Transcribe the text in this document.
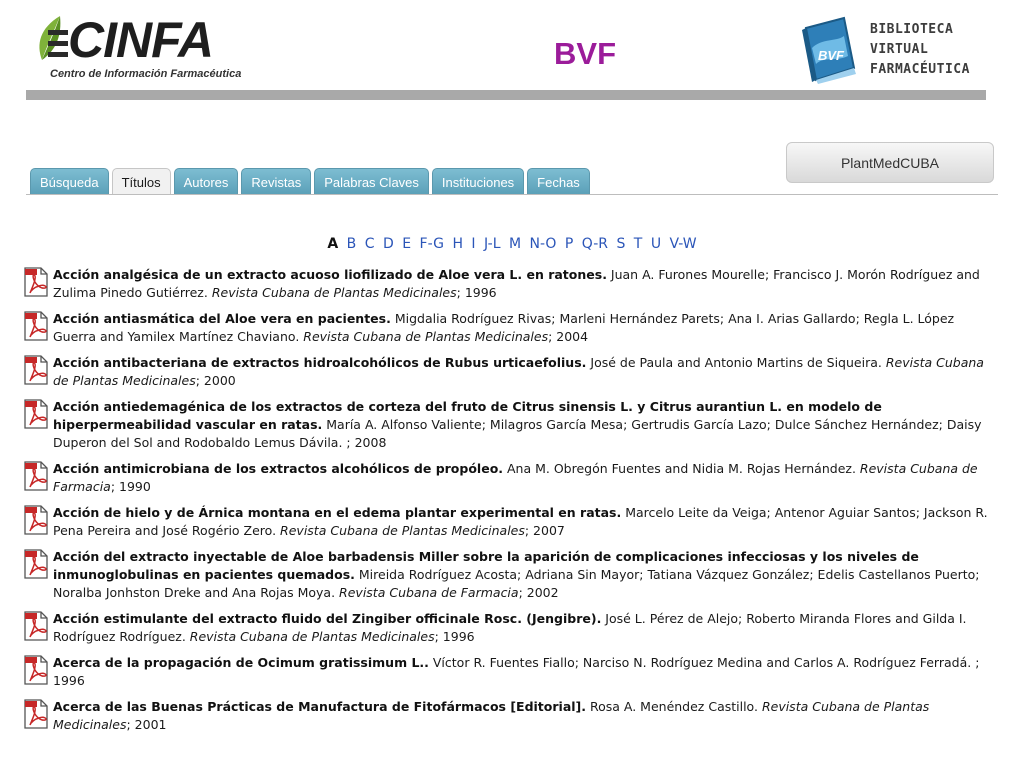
CINFA
Centro de Información Farmacéutica
BVF	BVF
BIBLIOTECA
VIRTUAL
FARMACÉUTICA
PlantMedCUBA
Búsqueda	Títulos	Autores	Revistas	Palabras Claves	Instituciones	Fechas
A B C D E F-G H I J-L M N-O P Q-R S T U V-W
Acción analgésica de un extracto acuoso liofilizado de Aloe vera L. en ratones. Juan A. Furones Mourelle; Francisco J. Morón Rodríguez and Zulima Pinedo Gutiérrez. Revista Cubana de Plantas Medicinales; 1996
Acción antiasmática del Aloe vera en pacientes. Migdalia Rodríguez Rivas; Marleni Hernández Parets; Ana I. Arias Gallardo; Regla L. López Guerra and Yamilex Martínez Chaviano. Revista Cubana de Plantas Medicinales; 2004
Acción antibacteriana de extractos hidroalcohólicos de Rubus urticaefolius. José de Paula and Antonio Martins de Siqueira. Revista Cubana de Plantas Medicinales; 2000
Acción antiedemagénica de los extractos de corteza del fruto de Citrus sinensis L. y Citrus aurantiun L. en modelo de hiperpermeabilidad vascular en ratas. María A. Alfonso Valiente; Milagros García Mesa; Gertrudis García Lazo; Dulce Sánchez Hernández; Daisy Duperon del Sol and Rodobaldo Lemus Dávila. ; 2008
Acción antimicrobiana de los extractos alcohólicos de propóleo. Ana M. Obregón Fuentes and Nidia M. Rojas Hernández. Revista Cubana de Farmacia; 1990
Acción de hielo y de Árnica montana en el edema plantar experimental en ratas. Marcelo Leite da Veiga; Antenor Aguiar Santos; Jackson R. Pena Pereira and José Rogério Zero. Revista Cubana de Plantas Medicinales; 2007
Acción del extracto inyectable de Aloe barbadensis Miller sobre la aparición de complicaciones infecciosas y los niveles de inmunoglobulinas en pacientes quemados. Mireida Rodríguez Acosta; Adriana Sin Mayor; Tatiana Vázquez González; Edelis Castellanos Puerto; Noralba Jonhston Dreke and Ana Rojas Moya. Revista Cubana de Farmacia; 2002
Acción estimulante del extracto fluido del Zingiber officinale Rosc. (Jengibre). José L. Pérez de Alejo; Roberto Miranda Flores and Gilda I. Rodríguez Rodríguez. Revista Cubana de Plantas Medicinales; 1996
Acerca de la propagación de Ocimum gratissimum L.. Víctor R. Fuentes Fiallo; Narciso N. Rodríguez Medina and Carlos A. Rodríguez Ferradá. ; 1996
Acerca de las Buenas Prácticas de Manufactura de Fitofármacos [Editorial]. Rosa A. Menéndez Castillo. Revista Cubana de Plantas Medicinales; 2001
